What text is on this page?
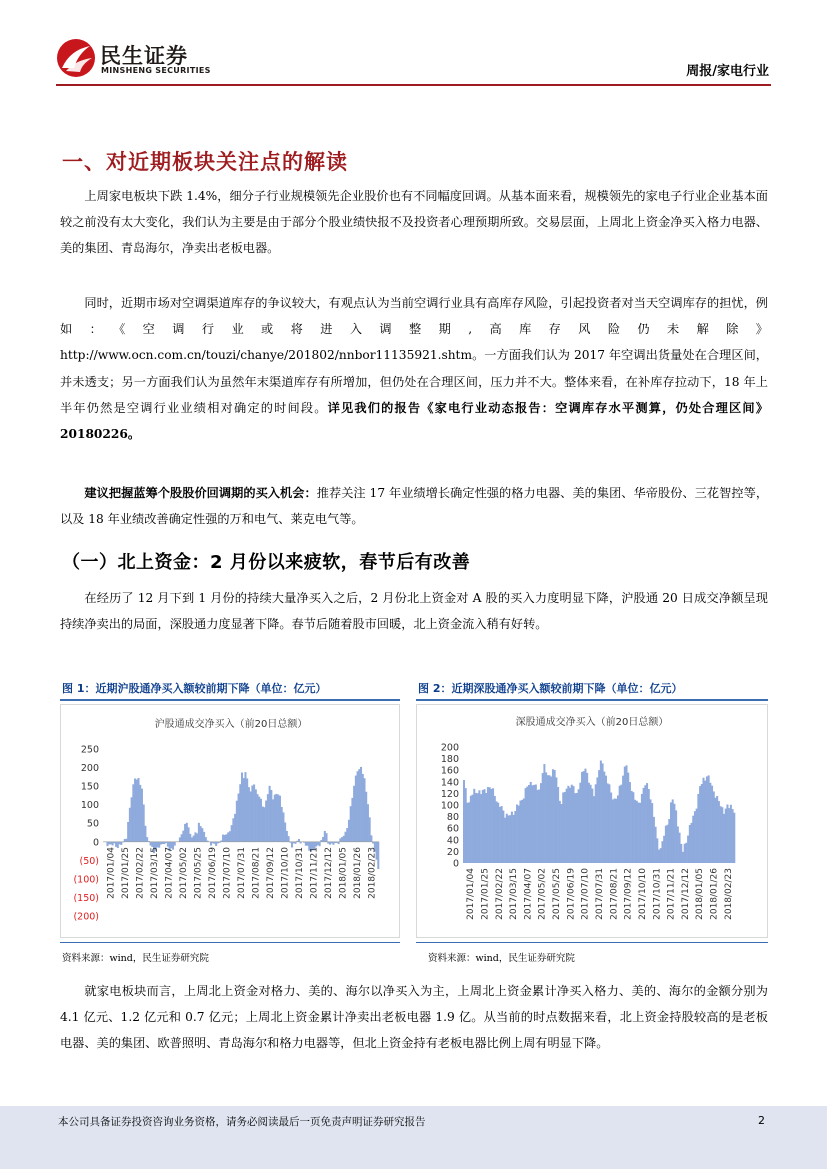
民生证券
MINSHENG SECURITIES	周报/家电行业
一、对近期板块关注点的解读

上周家电板块下跌 1.4%，细分子行业规模领先企业股价也有不同幅度回调。从基本面来看，规模领先的家电子行业企业基本面较之前没有太大变化，我们认为主要是由于部分个股业绩快报不及投资者心理预期所致。交易层面，上周北上资金净买入格力电器、美的集团、青岛海尔，净卖出老板电器。

同时，近期市场对空调渠道库存的争议较大，有观点认为当前空调行业具有高库存风险，引起投资者对当天空调库存的担忧，例如：《空调行业或将进入调整期,高库存风险仍未解除》http://www.ocn.com.cn/touzi/chanye/201802/nnbor11135921.shtm。一方面我们认为 2017 年空调出货量处在合理区间，并未透支；另一方面我们认为虽然年末渠道库存有所增加，但仍处在合理区间，压力并不大。整体来看，在补库存拉动下，18 年上半年仍然是空调行业业绩相对确定的时间段。详见我们的报告《家电行业动态报告：空调库存水平测算，仍处合理区间》20180226。

建议把握蓝筹个股股价回调期的买入机会：推荐关注 17 年业绩增长确定性强的格力电器、美的集团、华帝股份、三花智控等，以及 18 年业绩改善确定性强的万和电气、莱克电气等。

（一）北上资金：2 月份以来疲软，春节后有改善

在经历了 12 月下到 1 月份的持续大量净买入之后，2 月份北上资金对 A 股的买入力度明显下降，沪股通 20 日成交净额呈现持续净卖出的局面，深股通力度显著下降。春节后随着股市回暖，北上资金流入稍有好转。

图 1：近期沪股通净买入额较前期下降（单位：亿元）
沪股通成交净买入（前20日总额）
250
200
150
100
50
0
(50)
(100)
(150)
(200)
2017/01/04 2017/01/25 2017/02/22 2017/03/15 2017/04/07 2017/05/02 2017/05/25 2017/06/19 2017/07/10 2017/07/31 2017/08/21 2017/09/12 2017/10/10 2017/10/31 2017/11/21 2017/12/12 2018/01/05 2018/01/26 2018/02/23
资料来源：wind，民生证券研究院
图 2：近期深股通净买入额较前期下降（单位：亿元）
深股通成交净买入（前20日总额）
200
180
160
140
120
100
80
60
40
20
0
2017/01/04 2017/01/25 2017/02/22 2017/03/15 2017/04/07 2017/05/02 2017/05/25 2017/06/19 2017/07/10 2017/07/31 2017/08/21 2017/09/12 2017/10/10 2017/10/31 2017/11/21 2017/12/12 2018/01/05 2018/01/26 2018/02/23
资料来源：wind，民生证券研究院

就家电板块而言，上周北上资金对格力、美的、海尔以净买入为主，上周北上资金累计净买入格力、美的、海尔的金额分别为 4.1 亿元、1.2 亿元和 0.7 亿元；上周北上资金累计净卖出老板电器 1.9 亿。从当前的时点数据来看，北上资金持股较高的是老板电器、美的集团、欧普照明、青岛海尔和格力电器等，但北上资金持有老板电器比例上周有明显下降。

本公司具备证券投资咨询业务资格，请务必阅读最后一页免责声明证券研究报告	2
